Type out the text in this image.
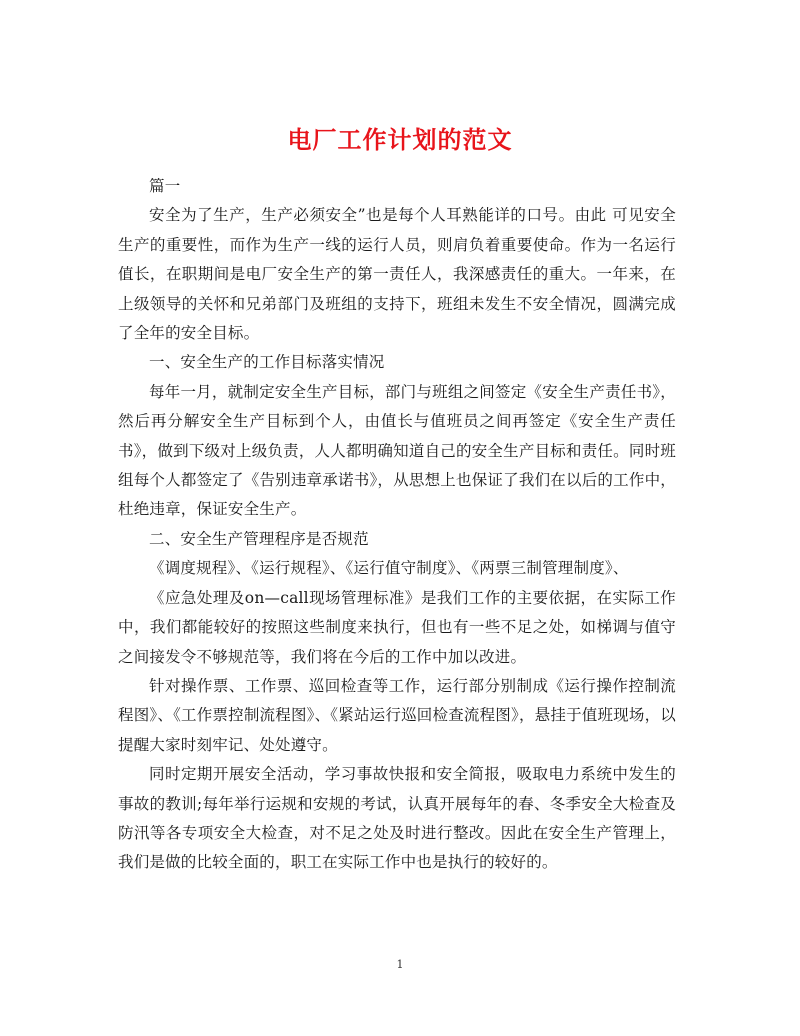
电厂工作计划的范文

篇一

安全为了生产，生产必须安全”也是每个人耳熟能详的口号。由此 可见安全生产的重要性，而作为生产一线的运行人员，则肩负着重要使命。作为一名运行值长，在职期间是电厂安全生产的第一责任人，我深感责任的重大。一年来，在上级领导的关怀和兄弟部门及班组的支持下，班组未发生不安全情况，圆满完成了全年的安全目标。

一、安全生产的工作目标落实情况

每年一月，就制定安全生产目标，部门与班组之间签定《安全生产责任书》，然后再分解安全生产目标到个人，由值长与值班员之间再签定《安全生产责任书》，做到下级对上级负责，人人都明确知道自己的安全生产目标和责任。同时班组每个人都签定了《告别违章承诺书》，从思想上也保证了我们在以后的工作中，杜绝违章，保证安全生产。

二、安全生产管理程序是否规范

《调度规程》、《运行规程》、《运行值守制度》、《两票三制管理制度》、

《应急处理及on—call现场管理标准》是我们工作的主要依据，在实际工作中，我们都能较好的按照这些制度来执行，但也有一些不足之处，如梯调与值守之间接发令不够规范等，我们将在今后的工作中加以改进。

针对操作票、工作票、巡回检查等工作，运行部分别制成《运行操作控制流程图》、《工作票控制流程图》、《紧站运行巡回检查流程图》，悬挂于值班现场，以提醒大家时刻牢记、处处遵守。

同时定期开展安全活动，学习事故快报和安全简报，吸取电力系统中发生的事故的教训;每年举行运规和安规的考试，认真开展每年的春、冬季安全大检查及防汛等各专项安全大检查，对不足之处及时进行整改。因此在安全生产管理上，我们是做的比较全面的，职工在实际工作中也是执行的较好的。

1
